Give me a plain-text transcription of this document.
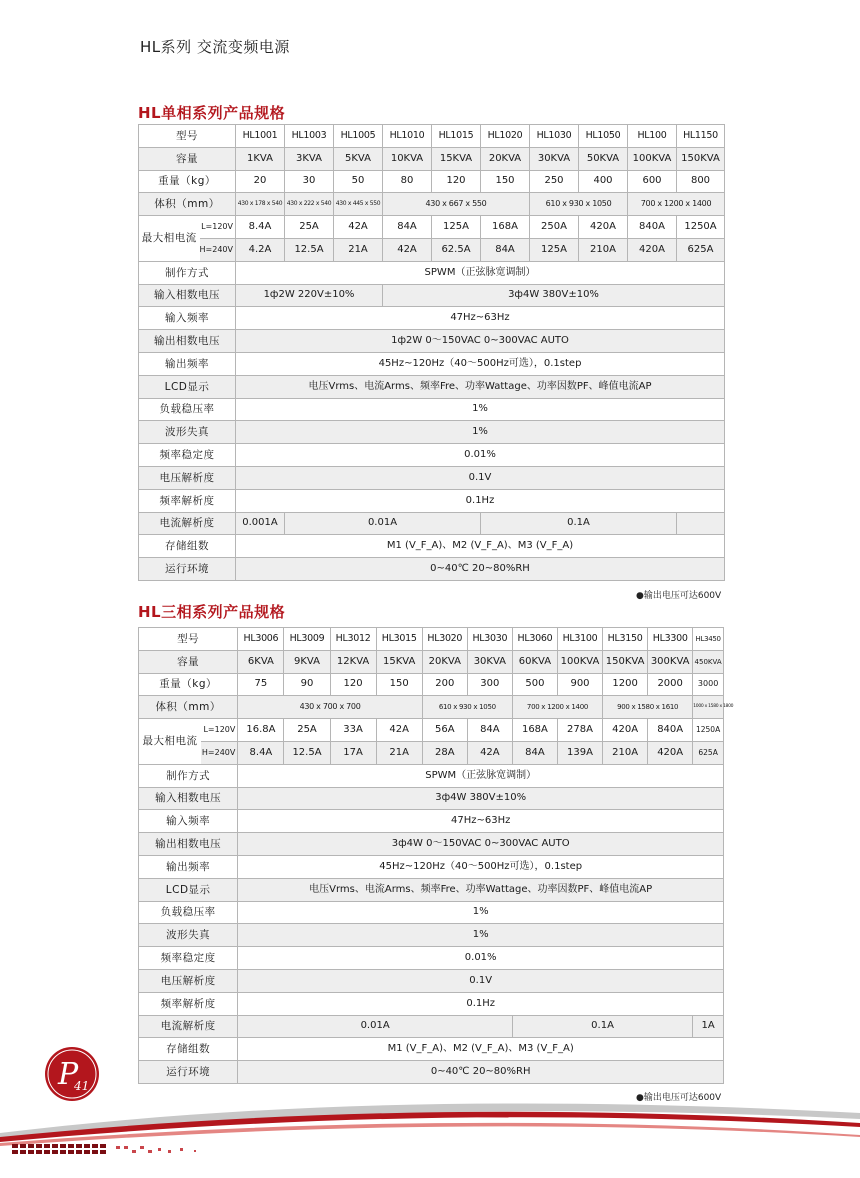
HL系列 交流变频电源
HL单相系列产品规格
型号		HL1001	HL1003	HL1005	HL1010	HL1015	HL1020	HL1030	HL1050	HL100	HL1150	
容量		1KVA	3KVA	5KVA	10KVA	15KVA	20KVA	30KVA	50KVA	100KVA	150KVA	
重量（kg）		20	30	50	80	120	150	250	400	600	800	
体积（mm）		430 x 178 x 540	430 x 222 x 540	430 x 445 x 550	430 x 667 x 550			610 x 930 x 1050		700 x 1200 x 1400		
最大相电流	L=120V	8.4A	25A	42A	84A	125A	168A	250A	420A	840A	1250A	
	H=240V	4.2A	12.5A	21A	42A	62.5A	84A	125A	210A	420A	625A	
制作方式		SPWM（正弦脉宽调制）										
输入相数电压		1ф2W 220V±10%			3ф4W 380V±10%							
输入频率		47Hz~63Hz										
输出相数电压		1ф2W 0～150VAC 0~300VAC AUTO										
输出频率		45Hz~120Hz（40～500Hz可选），0.1step										
LCD显示		电压Vrms、电流Arms、频率Fre、功率Wattage、功率因数PF、峰值电流AP										
负载稳压率		1%										
波形失真		1%										
频率稳定度		0.01%										
电压解析度		0.1V										
频率解析度		0.1Hz										
电流解析度		0.001A	0.01A				0.1A		
存储组数		M1 (V_F_A)、M2 (V_F_A)、M3 (V_F_A)										
运行环境		0~40℃ 20~80%RH										
●输出电压可达600V
HL三相系列产品规格
型号		HL3006	HL3009	HL3012	HL3015	HL3020	HL3030	HL3060	HL3100	HL3150	HL3300	HL3450
容量		6KVA	9KVA	12KVA	15KVA	20KVA	30KVA	60KVA	100KVA	150KVA	300KVA	450KVA
重量（kg）		75	90	120	150	200	300	500	900	1200	2000	3000
体积（mm）		430 x 700 x 700				610 x 930 x 1050		700 x 1200 x 1400		900 x 1580 x 1610		1000 x 1580 x 1800
最大相电流	L=120V	16.8A	25A	33A	42A	56A	84A	168A	278A	420A	840A	1250A
	H=240V	8.4A	12.5A	17A	21A	28A	42A	84A	139A	210A	420A	625A
制作方式		SPWM（正弦脉宽调制）										
输入相数电压		3ф4W 380V±10%										
输入频率		47Hz~63Hz										
输出相数电压		3ф4W 0～150VAC 0~300VAC AUTO										
输出频率		45Hz~120Hz（40～500Hz可选），0.1step										
LCD显示		电压Vrms、电流Arms、频率Fre、功率Wattage、功率因数PF、峰值电流AP										
负载稳压率		1%										
波形失真		1%										
频率稳定度		0.01%										
电压解析度		0.1V										
频率解析度		0.1Hz										
电流解析度		0.01A						0.1A				1A
存储组数		M1 (V_F_A)、M2 (V_F_A)、M3 (V_F_A)										
运行环境		0~40℃ 20~80%RH										
●输出电压可达600V
P
41
